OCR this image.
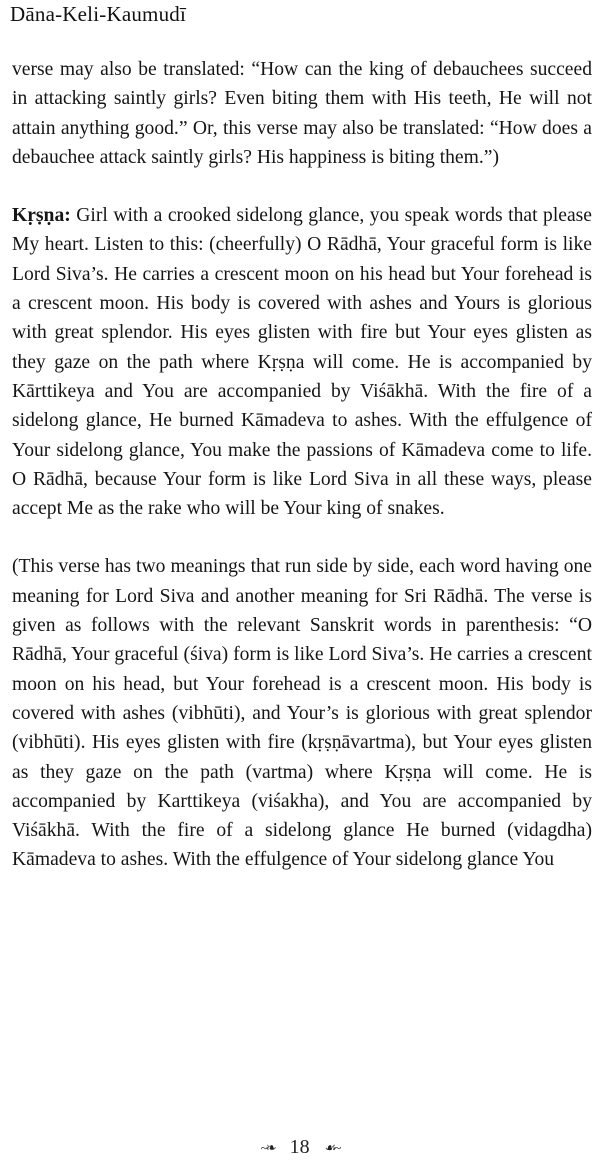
Dāna-Keli-Kaumudī

verse may also be translated: “How can the king of debauchees succeed in attacking saintly girls? Even biting them with His teeth, He will not attain anything good.” Or, this verse may also be translated: “How does a debauchee attack saintly girls? His happiness is biting them.”)

Kṛṣṇa: Girl with a crooked sidelong glance, you speak words that please My heart. Listen to this: (cheerfully) O Rādhā, Your graceful form is like Lord Siva’s. He carries a crescent moon on his head but Your forehead is a crescent moon. His body is covered with ashes and Yours is glorious with great splendor. His eyes glisten with fire but Your eyes glisten as they gaze on the path where Kṛṣṇa will come. He is accompanied by Kārttikeya and You are accompanied by Viśākhā. With the fire of a sidelong glance, He burned Kāmadeva to ashes. With the effulgence of Your sidelong glance, You make the passions of Kāmadeva come to life. O Rādhā, because Your form is like Lord Siva in all these ways, please accept Me as the rake who will be Your king of snakes.

(This verse has two meanings that run side by side, each word having one meaning for Lord Siva and another meaning for Sri Rādhā. The verse is given as follows with the relevant Sanskrit words in parenthesis: “O Rādhā, Your graceful (śiva) form is like Lord Siva’s. He carries a crescent moon on his head, but Your forehead is a crescent moon. His body is covered with ashes (vibhūti), and Your’s is glorious with great splendor (vibhūti). His eyes glisten with fire (kṛṣṇāvartma), but Your eyes glisten as they gaze on the path (vartma) where Kṛṣṇa will come. He is accompanied by Karttikeya (viśakha), and You are accompanied by Viśākhā. With the fire of a sidelong glance He burned (vidagdha) Kāmadeva to ashes. With the effulgence of Your sidelong glance You

~❧ 18 ☙~
